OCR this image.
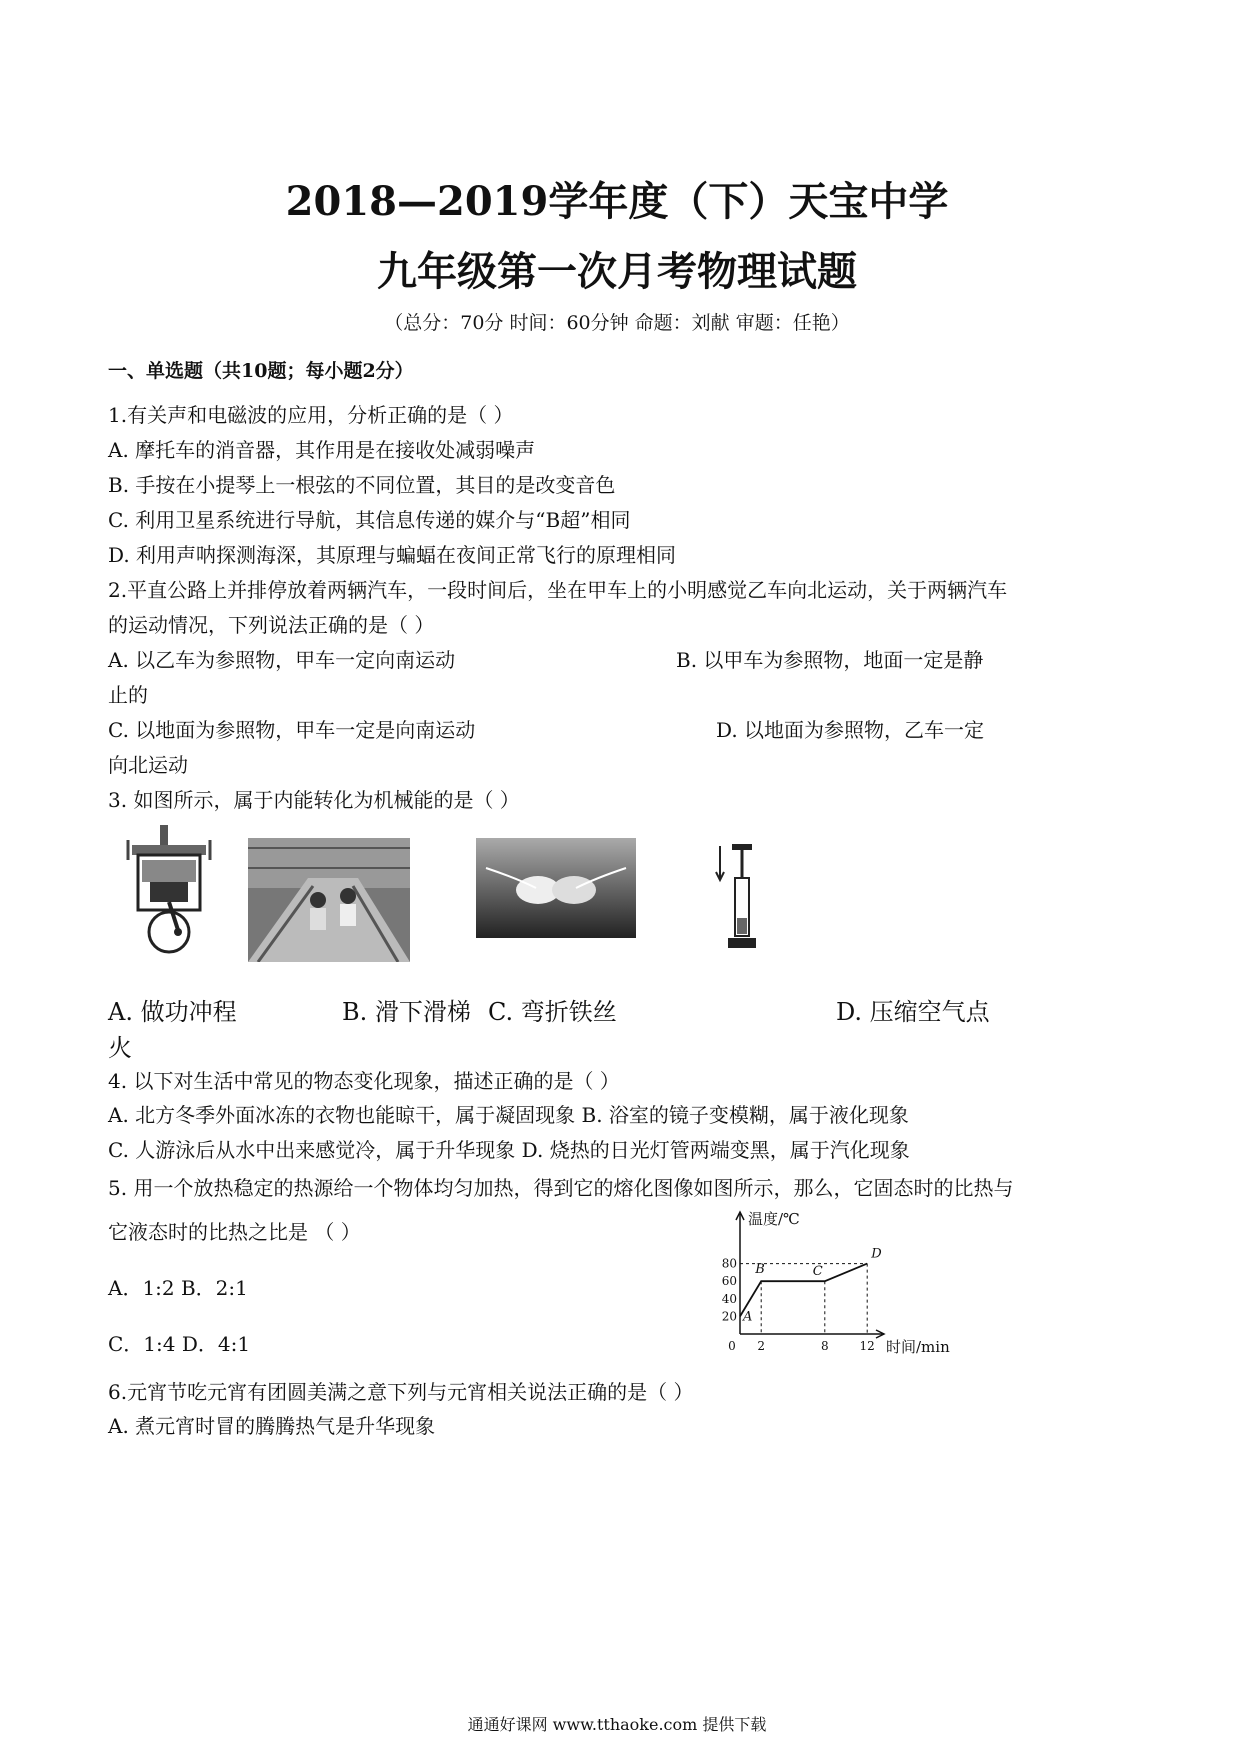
2018—2019学年度（下）天宝中学
九年级第一次月考物理试题
（总分：70分 时间：60分钟 命题：刘献 审题：任艳）
一、单选题（共10题；每小题2分）
1.有关声和电磁波的应用，分析正确的是（ ）
A. 摩托车的消音器，其作用是在接收处减弱噪声
B. 手按在小提琴上一根弦的不同位置，其目的是改变音色
C. 利用卫星系统进行导航，其信息传递的媒介与“B超”相同
D. 利用声呐探测海深，其原理与蝙蝠在夜间正常飞行的原理相同
2.平直公路上并排停放着两辆汽车，一段时间后，坐在甲车上的小明感觉乙车向北运动，关于两辆汽车
的运动情况，下列说法正确的是（ ）
A. 以乙车为参照物，甲车一定向南运动	B. 以甲车为参照物，地面一定是静
止的
C. 以地面为参照物，甲车一定是向南运动	D. 以地面为参照物，乙车一定
向北运动
3. 如图所示，属于内能转化为机械能的是（ ）
A. 做功冲程	B. 滑下滑梯 C. 弯折铁丝	D. 压缩空气点
火
4. 以下对生活中常见的物态变化现象，描述正确的是（ ）
A. 北方冬季外面冰冻的衣物也能晾干，属于凝固现象 B. 浴室的镜子变模糊，属于液化现象
C. 人游泳后从水中出来感觉冷，属于升华现象 D. 烧热的日光灯管两端变黑，属于汽化现象
5. 用一个放热稳定的热源给一个物体均匀加热，得到它的熔化图像如图所示，那么，它固态时的比热与
它液态时的比热之比是 （ ）
A．1:2 B．2:1
C．1:4 D．4:1
温度/℃
时间/min
20
40
60
80
0 2	8	12
A
B	C
D
6.元宵节吃元宵有团圆美满之意下列与元宵相关说法正确的是（ ）
A. 煮元宵时冒的腾腾热气是升华现象
通通好课网 www.tthaoke.com 提供下载
